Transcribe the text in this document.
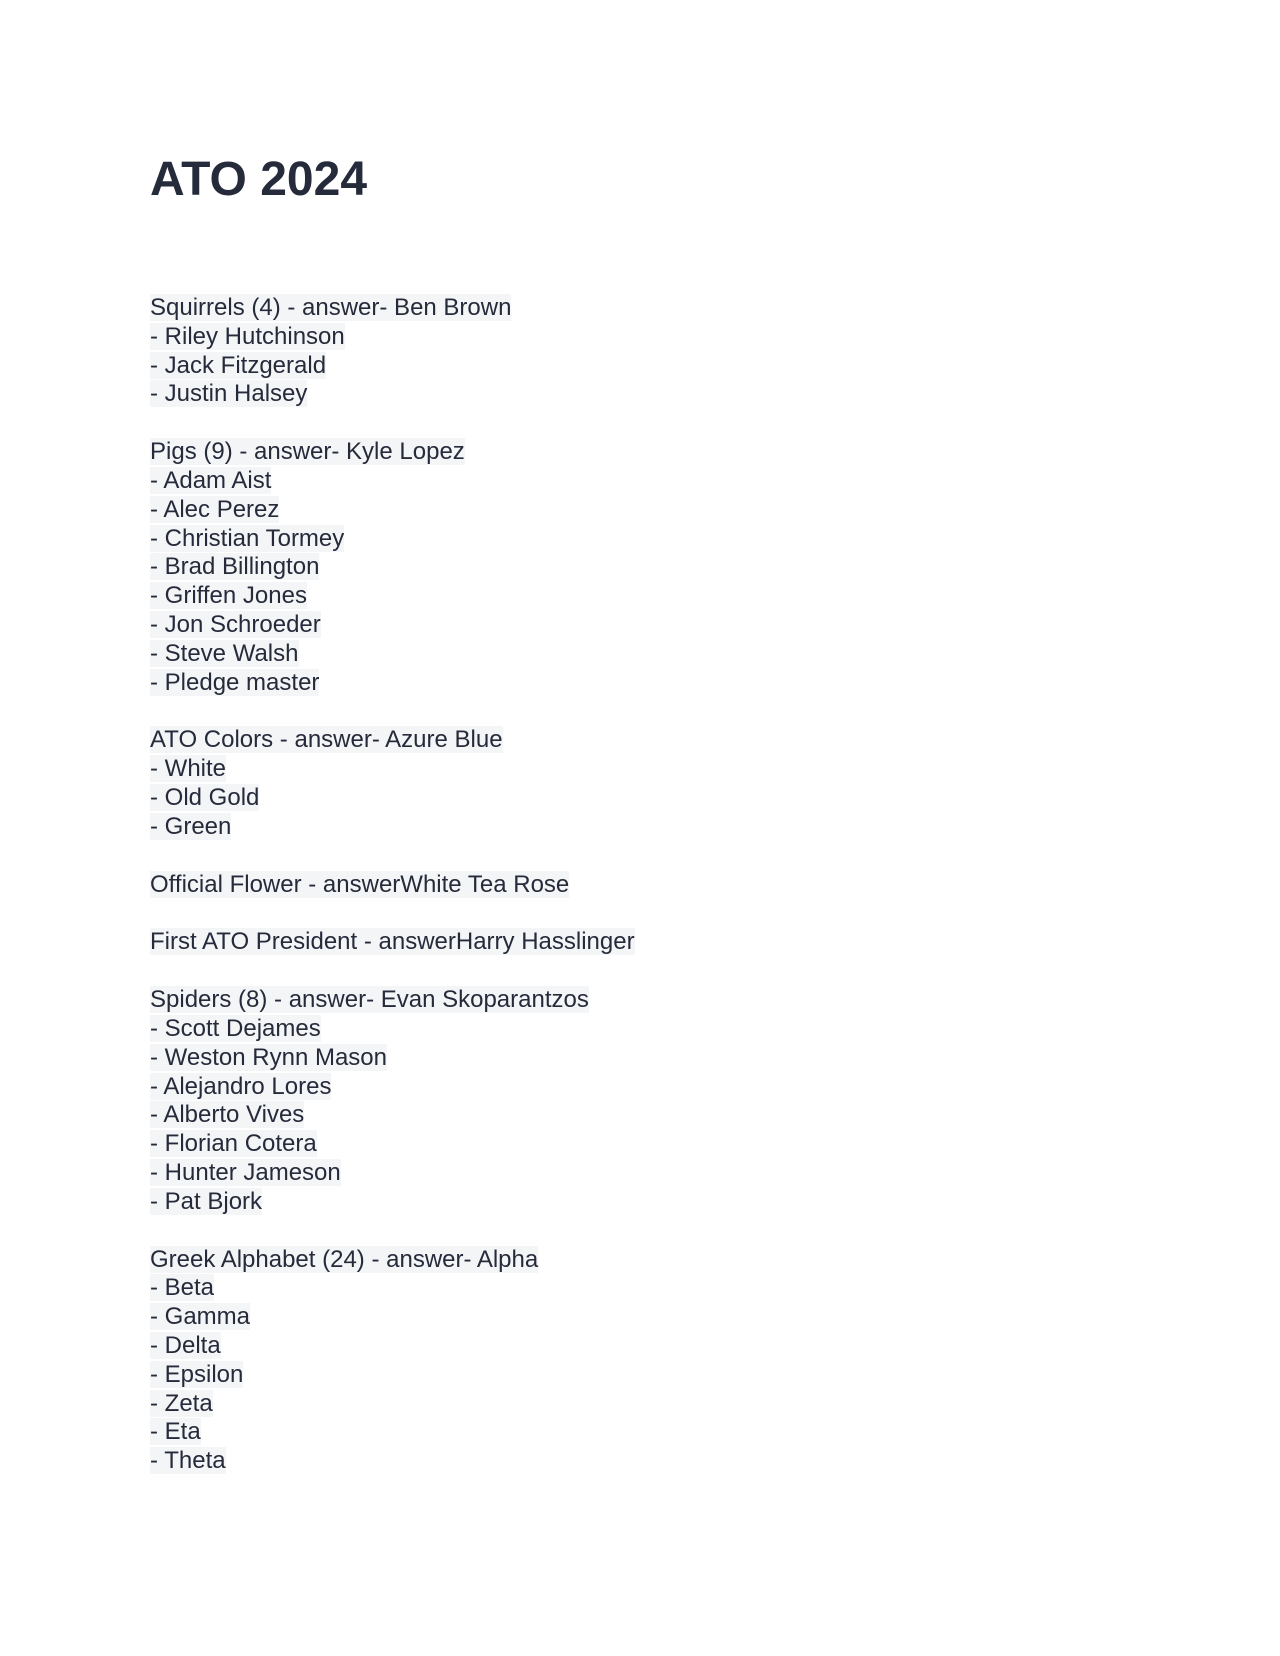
ATO 2024
Squirrels (4) - answer- Ben Brown
- Riley Hutchinson
- Jack Fitzgerald
- Justin Halsey
Pigs (9) - answer- Kyle Lopez
- Adam Aist
- Alec Perez
- Christian Tormey
- Brad Billington
- Griffen Jones
- Jon Schroeder
- Steve Walsh
- Pledge master
ATO Colors - answer- Azure Blue
- White
- Old Gold
- Green
Official Flower - answerWhite Tea Rose
First ATO President - answerHarry Hasslinger
Spiders (8) - answer- Evan Skoparantzos
- Scott Dejames
- Weston Rynn Mason
- Alejandro Lores
- Alberto Vives
- Florian Cotera
- Hunter Jameson
- Pat Bjork
Greek Alphabet (24) - answer- Alpha
- Beta
- Gamma
- Delta
- Epsilon
- Zeta
- Eta
- Theta
